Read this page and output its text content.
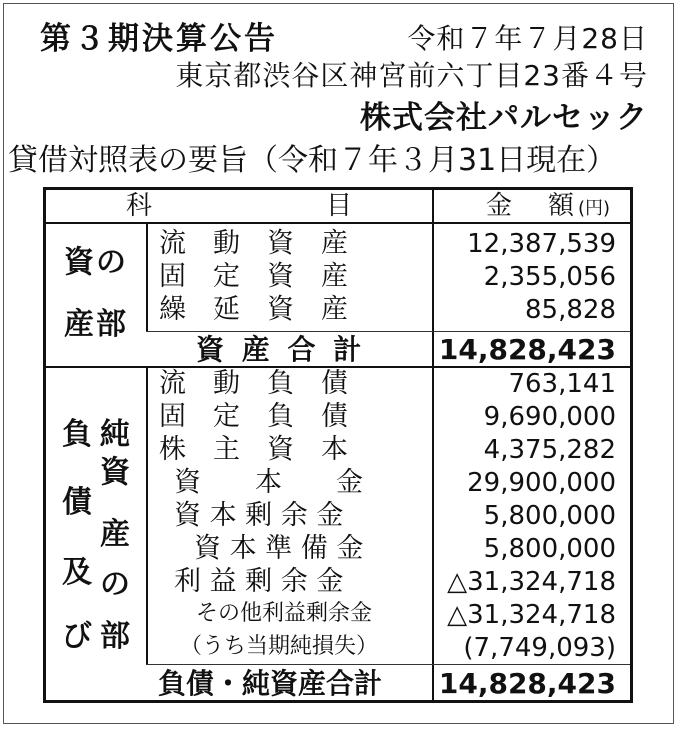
第３期決算公告	令和７年７月28日
東京都渋谷区神宮前六丁目23番４号
株式会社パルセック
貸借対照表の要旨（令和７年３月31日現在）
科	目	金 額 (円)
資の
産部
流　動　資　産	12,387,539
固　定　資　産	2,355,056
繰　延　資　産	85,828
資 産 合 計	14,828,423
負
債
及
び
純
資
産
の
部
流　動　負　債	763,141
固　定　負　債	9,690,000
株　主　資　本	4,375,282
資　　本　　金	29,900,000
資 本 剰 余 金	5,800,000
資 本 準 備 金	5,800,000
利 益 剰 余 金	△31,324,718
その他利益剰余金	△31,324,718
（うち当期純損失）	(7,749,093)
負債・純資産合計 14,828,423
